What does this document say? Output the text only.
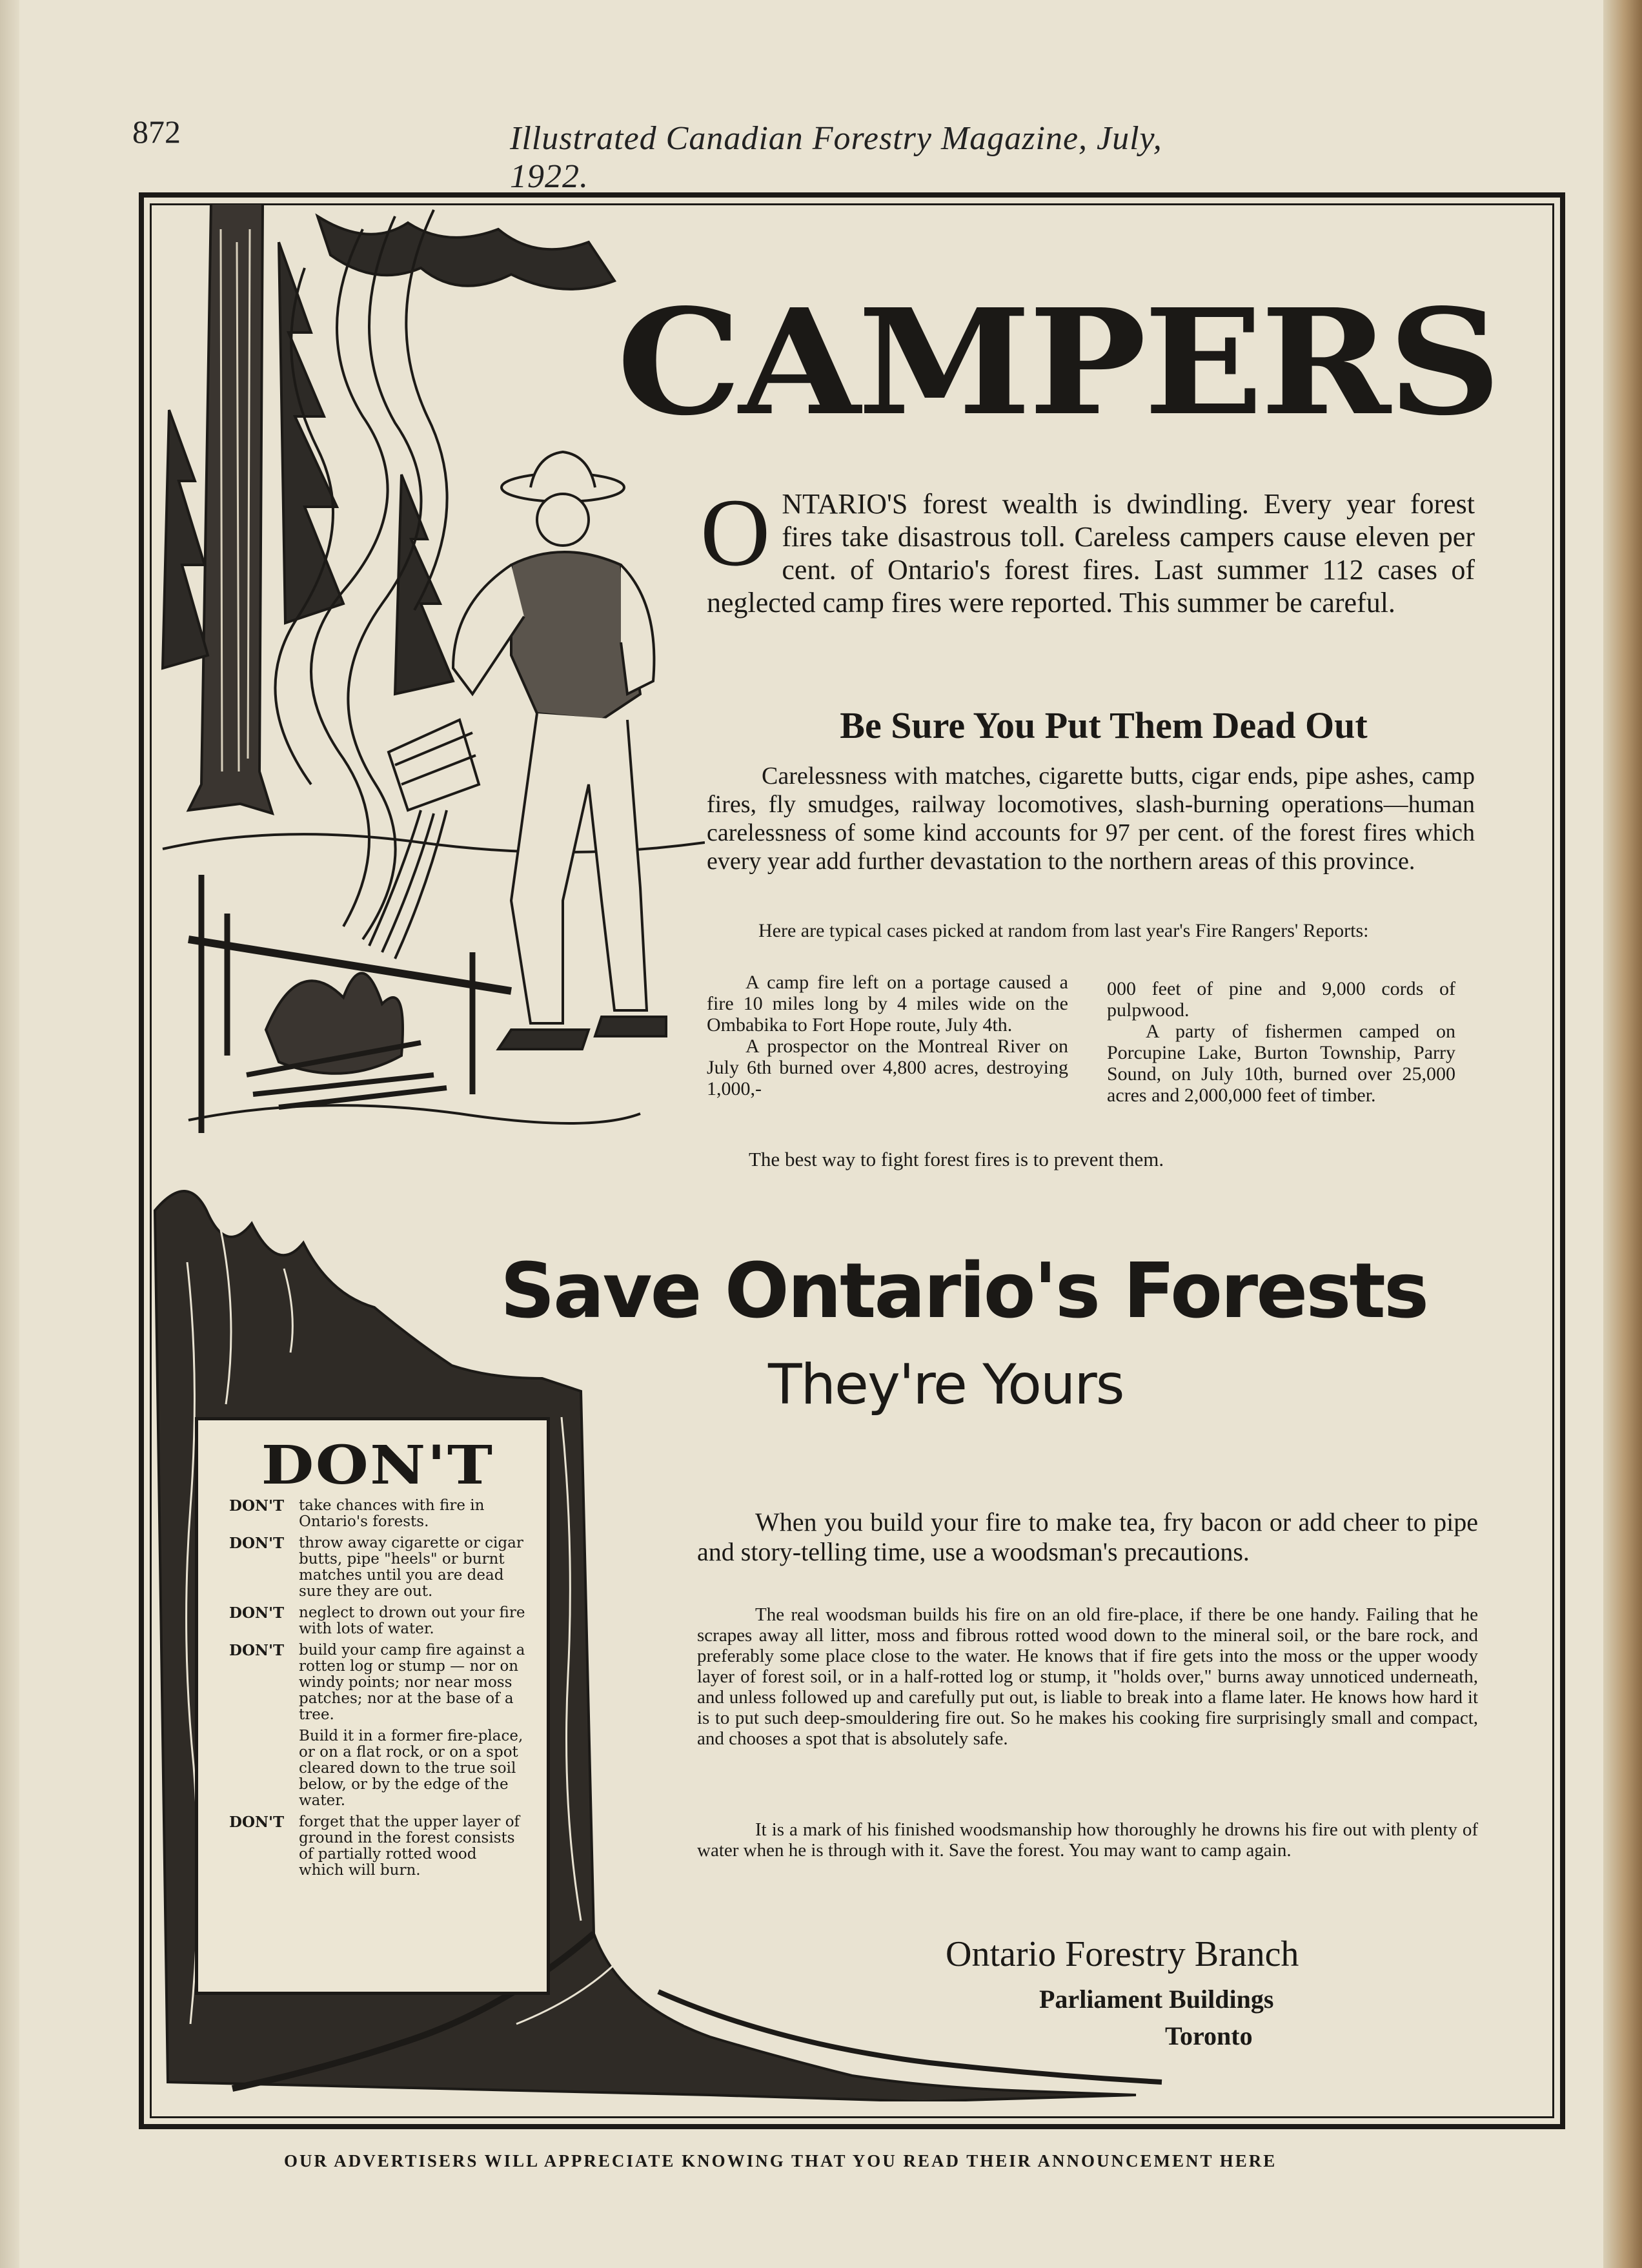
872	Illustrated Canadian Forestry Magazine, July, 1922.
CAMPERS
ONTARIO'S forest wealth is dwindling. Every year forest fires take disastrous toll. Careless campers cause eleven per cent. of Ontario's forest fires. Last summer 112 cases of neglected camp fires were reported. This summer be careful.
Be Sure You Put Them Dead Out
Carelessness with matches, cigarette butts, cigar ends, pipe ashes, camp fires, fly smudges, railway locomotives, slash-burning operations—human carelessness of some kind accounts for 97 per cent. of the forest fires which every year add further devastation to the northern areas of this province.
Here are typical cases picked at random from last year's Fire Rangers' Reports:

A camp fire left on a portage caused a fire 10 miles long by 4 miles wide on the Ombabika to Fort Hope route, July 4th.

A prospector on the Montreal River on July 6th burned over 4,800 acres, destroying 1,000,-

000 feet of pine and 9,000 cords of pulpwood.

A party of fishermen camped on Porcupine Lake, Burton Township, Parry Sound, on July 10th, burned over 25,000 acres and 2,000,000 feet of timber.

The best way to fight forest fires is to prevent them.
Save Ontario's Forests
They're Yours
DON'T
DON'T take chances with fire in Ontario's forests.
DON'T throw away cigarette or cigar butts, pipe "heels" or burnt matches until you are dead sure they are out.
DON'T neglect to drown out your fire with lots of water.
DON'T build your camp fire against a rotten log or stump — nor on windy points; nor near moss patches; nor at the base of a tree.
Build it in a former fire-place, or on a flat rock, or on a spot cleared down to the true soil below, or by the edge of the water.
DON'T forget that the upper layer of ground in the forest consists of partially rotted wood which will burn.
When you build your fire to make tea, fry bacon or add cheer to pipe and story-telling time, use a woodsman's precautions.
The real woodsman builds his fire on an old fire-place, if there be one handy. Failing that he scrapes away all litter, moss and fibrous rotted wood down to the mineral soil, or the bare rock, and preferably some place close to the water. He knows that if fire gets into the moss or the upper woody layer of forest soil, or in a half-rotted log or stump, it "holds over," burns away unnoticed underneath, and unless followed up and carefully put out, is liable to break into a flame later. He knows how hard it is to put such deep-smouldering fire out. So he makes his cooking fire surprisingly small and compact, and chooses a spot that is absolutely safe.
It is a mark of his finished woodsmanship how thoroughly he drowns his fire out with plenty of water when he is through with it. Save the forest. You may want to camp again.
Ontario Forestry Branch
Parliament Buildings
Toronto
OUR ADVERTISERS WILL APPRECIATE KNOWING THAT YOU READ THEIR ANNOUNCEMENT HERE
